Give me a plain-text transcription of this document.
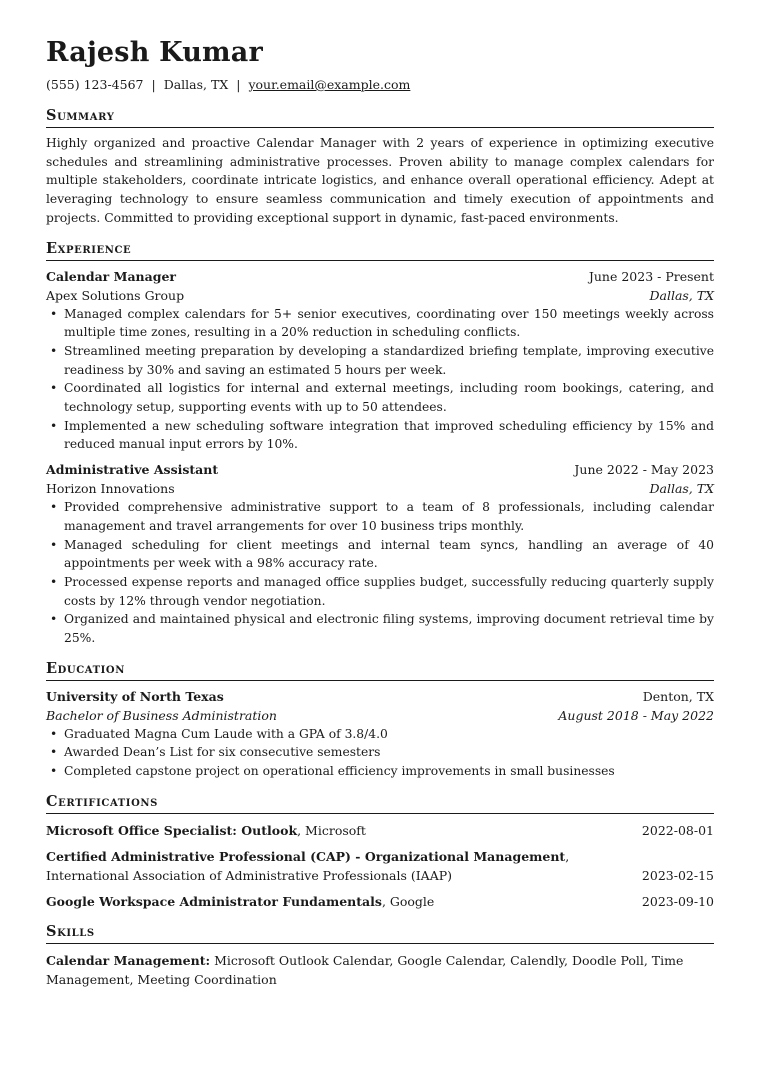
Rajesh Kumar
(555) 123-4567 | Dallas, TX | your.email@example.com
Summary
Highly organized and proactive Calendar Manager with 2 years of experience in optimizing executive schedules and streamlining administrative processes. Proven ability to manage complex calendars for multiple stakeholders, coordinate intricate logistics, and enhance overall operational efficiency. Adept at leveraging technology to ensure seamless communication and timely execution of appointments and projects. Committed to providing exceptional support in dynamic, fast-paced environments.
Experience
Calendar Manager	June 2023 - Present
Apex Solutions Group	Dallas, TX
• Managed complex calendars for 5+ senior executives, coordinating over 150 meetings weekly across multiple time zones, resulting in a 20% reduction in scheduling conflicts.
• Streamlined meeting preparation by developing a standardized briefing template, improving executive readiness by 30% and saving an estimated 5 hours per week.
• Coordinated all logistics for internal and external meetings, including room bookings, catering, and technology setup, supporting events with up to 50 attendees.
• Implemented a new scheduling software integration that improved scheduling efficiency by 15% and reduced manual input errors by 10%.
Administrative Assistant	June 2022 - May 2023
Horizon Innovations	Dallas, TX
• Provided comprehensive administrative support to a team of 8 professionals, including calendar management and travel arrangements for over 10 business trips monthly.
• Managed scheduling for client meetings and internal team syncs, handling an average of 40 appointments per week with a 98% accuracy rate.
• Processed expense reports and managed office supplies budget, successfully reducing quarterly supply costs by 12% through vendor negotiation.
• Organized and maintained physical and electronic filing systems, improving document retrieval time by 25%.
Education
University of North Texas	Denton, TX
Bachelor of Business Administration	August 2018 - May 2022
• Graduated Magna Cum Laude with a GPA of 3.8/4.0
• Awarded Dean’s List for six consecutive semesters
• Completed capstone project on operational efficiency improvements in small businesses
Certifications
Microsoft Office Specialist: Outlook, Microsoft	2022-08-01
Certified Administrative Professional (CAP) - Organizational Management, International Association of Administrative Professionals (IAAP)	2023-02-15
Google Workspace Administrator Fundamentals, Google	2023-09-10
Skills
Calendar Management: Microsoft Outlook Calendar, Google Calendar, Calendly, Doodle Poll, Time Management, Meeting Coordination
